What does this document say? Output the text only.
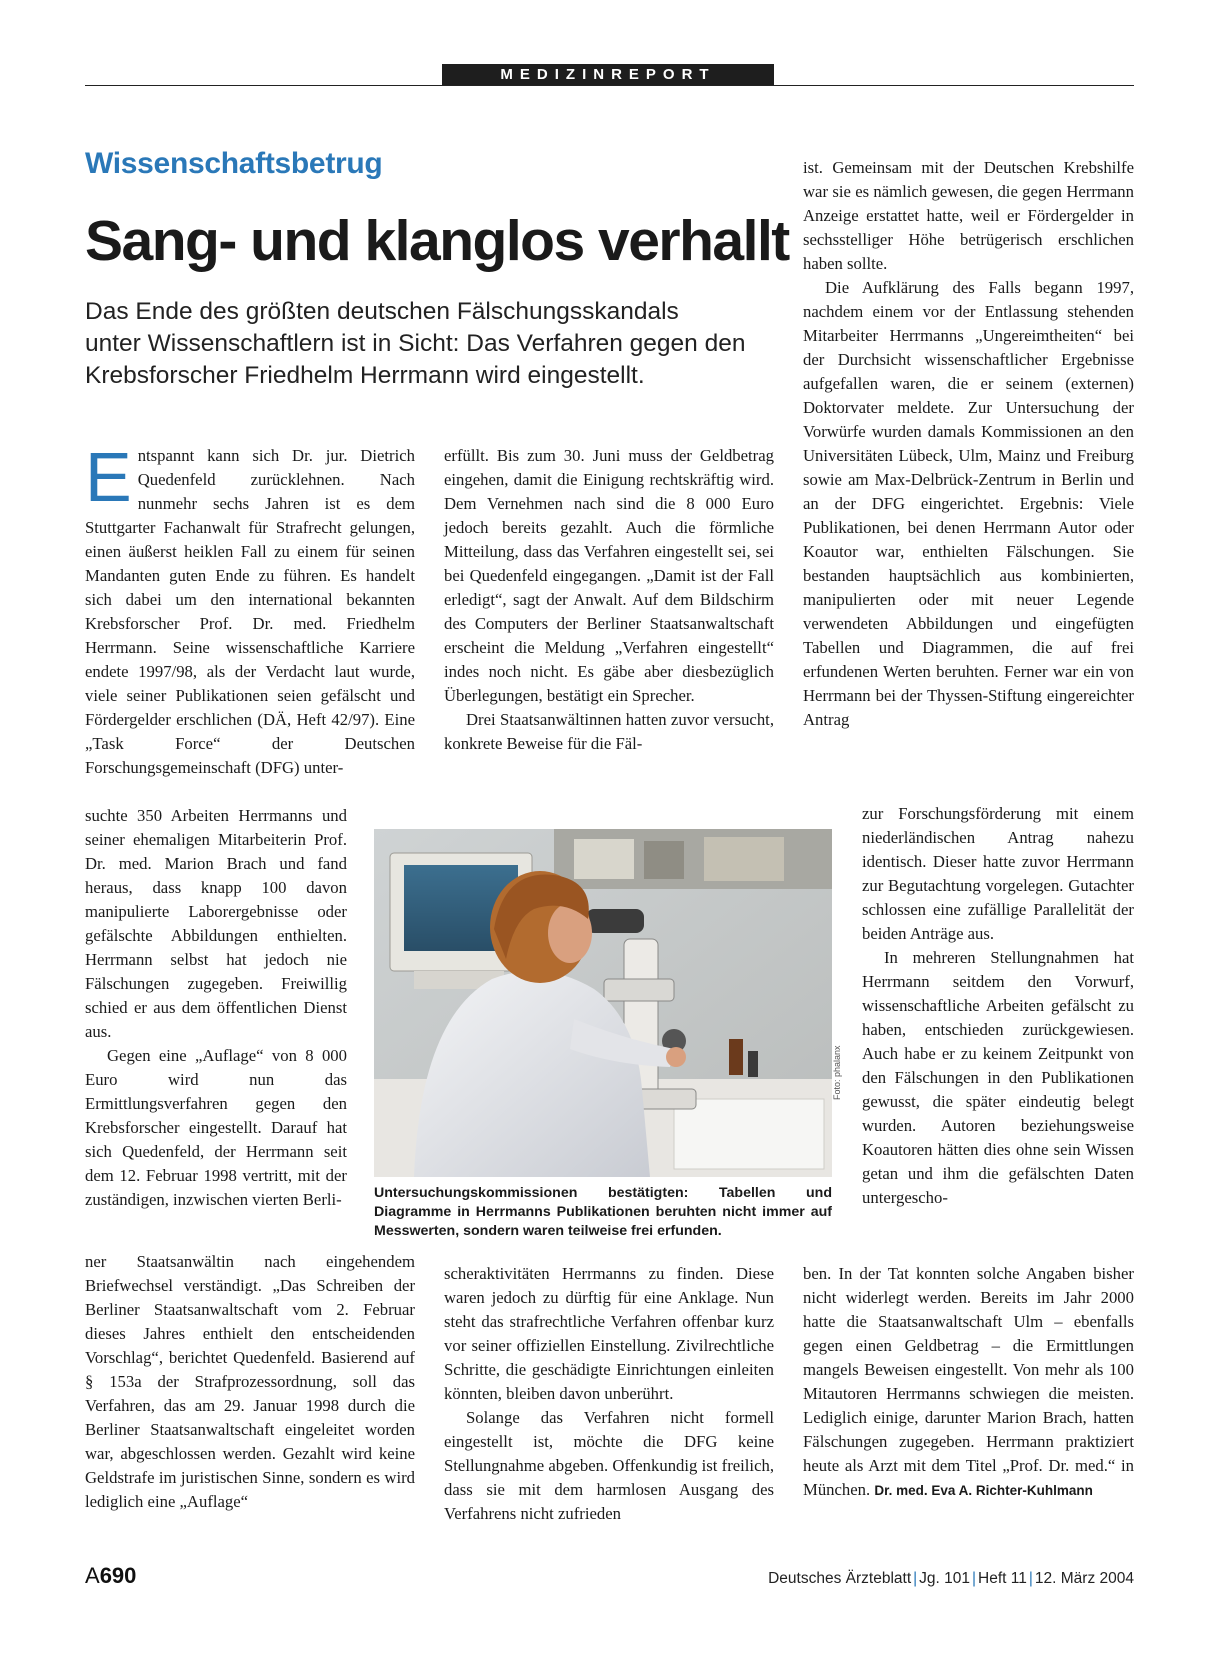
MEDIZINREPORT
Wissenschaftsbetrug
Sang- und klanglos verhallt
Das Ende des größten deutschen Fälschungsskandals
unter Wissenschaftlern ist in Sicht: Das Verfahren gegen den
Krebsforscher Friedhelm Herrmann wird eingestellt.

Entspannt kann sich Dr. jur. Dietrich Quedenfeld zurücklehnen. Nach nunmehr sechs Jahren ist es dem Stuttgarter Fachanwalt für Strafrecht gelungen, einen äußerst heiklen Fall zu einem für seinen Mandanten guten Ende zu führen. Es handelt sich dabei um den international bekannten Krebsforscher Prof. Dr. med. Friedhelm Herrmann. Seine wissenschaftliche Karriere endete 1997/98, als der Verdacht laut wurde, viele seiner Publikationen seien gefälscht und Fördergelder erschlichen (DÄ, Heft 42/97). Eine „Task Force“ der Deutschen Forschungsgemeinschaft (DFG) unter-

suchte 350 Arbeiten Herrmanns und seiner ehemaligen Mitarbeiterin Prof. Dr. med. Marion Brach und fand heraus, dass knapp 100 davon manipulierte Laborergebnisse oder gefälschte Abbildungen enthielten. Herrmann selbst hat jedoch nie Fälschungen zugegeben. Freiwillig schied er aus dem öffentlichen Dienst aus.

Gegen eine „Auflage“ von 8 000 Euro wird nun das Ermittlungsverfahren gegen den Krebsforscher eingestellt. Darauf hat sich Quedenfeld, der Herrmann seit dem 12. Februar 1998 vertritt, mit der zuständigen, inzwischen vierten Berli-

ner Staatsanwältin nach eingehendem Briefwechsel verständigt. „Das Schreiben der Berliner Staatsanwaltschaft vom 2. Februar dieses Jahres enthielt den entscheidenden Vorschlag“, berichtet Quedenfeld. Basierend auf § 153a der Strafprozessordnung, soll das Verfahren, das am 29. Januar 1998 durch die Berliner Staatsanwaltschaft eingeleitet worden war, abgeschlossen werden. Gezahlt wird keine Geldstrafe im juristischen Sinne, sondern es wird lediglich eine „Auflage“

erfüllt. Bis zum 30. Juni muss der Geldbetrag eingehen, damit die Einigung rechtskräftig wird. Dem Vernehmen nach sind die 8 000 Euro jedoch bereits gezahlt. Auch die förmliche Mitteilung, dass das Verfahren eingestellt sei, sei bei Quedenfeld eingegangen. „Damit ist der Fall erledigt“, sagt der Anwalt. Auf dem Bildschirm des Computers der Berliner Staatsanwaltschaft erscheint die Meldung „Verfahren eingestellt“ indes noch nicht. Es gäbe aber diesbezüglich Überlegungen, bestätigt ein Sprecher.

Drei Staatsanwältinnen hatten zuvor versucht, konkrete Beweise für die Fäl-

scheraktivitäten Herrmanns zu finden. Diese waren jedoch zu dürftig für eine Anklage. Nun steht das strafrechtliche Verfahren offenbar kurz vor seiner offiziellen Einstellung. Zivilrechtliche Schritte, die geschädigte Einrichtungen einleiten könnten, bleiben davon unberührt.

Solange das Verfahren nicht formell eingestellt ist, möchte die DFG keine Stellungnahme abgeben. Offenkundig ist freilich, dass sie mit dem harmlosen Ausgang des Verfahrens nicht zufrieden

ist. Gemeinsam mit der Deutschen Krebshilfe war sie es nämlich gewesen, die gegen Herrmann Anzeige erstattet hatte, weil er Fördergelder in sechsstelliger Höhe betrügerisch erschlichen haben sollte.

Die Aufklärung des Falls begann 1997, nachdem einem vor der Entlassung stehenden Mitarbeiter Herrmanns „Ungereimtheiten“ bei der Durchsicht wissenschaftlicher Ergebnisse aufgefallen waren, die er seinem (externen) Doktorvater meldete. Zur Untersuchung der Vorwürfe wurden damals Kommissionen an den Universitäten Lübeck, Ulm, Mainz und Freiburg sowie am Max-Delbrück-Zentrum in Berlin und an der DFG eingerichtet. Ergebnis: Viele Publikationen, bei denen Herrmann Autor oder Koautor war, enthielten Fälschungen. Sie bestanden hauptsächlich aus kombinierten, manipulierten oder mit neuer Legende verwendeten Abbildungen und eingefügten Tabellen und Diagrammen, die auf frei erfundenen Werten beruhten. Ferner war ein von Herrmann bei der Thyssen-Stiftung eingereichter Antrag

zur Forschungsförderung mit einem niederländischen Antrag nahezu identisch. Dieser hatte zuvor Herrmann zur Begutachtung vorgelegen. Gutachter schlossen eine zufällige Parallelität der beiden Anträge aus.

In mehreren Stellungnahmen hat Herrmann seitdem den Vorwurf, wissenschaftliche Arbeiten gefälscht zu haben, entschieden zurückgewiesen. Auch habe er zu keinem Zeitpunkt von den Fälschungen in den Publikationen gewusst, die später eindeutig belegt wurden. Autoren beziehungsweise Koautoren hätten dies ohne sein Wissen getan und ihm die gefälschten Daten untergescho-

ben. In der Tat konnten solche Angaben bisher nicht widerlegt werden. Bereits im Jahr 2000 hatte die Staatsanwaltschaft Ulm – ebenfalls gegen einen Geldbetrag – die Ermittlungen mangels Beweisen eingestellt. Von mehr als 100 Mitautoren Herrmanns schwiegen die meisten. Lediglich einige, darunter Marion Brach, hatten Fälschungen zugegeben. Herrmann praktiziert heute als Arzt mit dem Titel „Prof. Dr. med.“ in München. Dr. med. Eva A. Richter-Kuhlmann

Foto: phalanx
Untersuchungskommissionen bestätigten: Tabellen und Diagramme in Herrmanns Publikationen beruhten nicht immer auf Messwerten, sondern waren teilweise frei erfunden.
A690	Deutsches Ärzteblatt | Jg. 101 | Heft 11 | 12. März 2004
